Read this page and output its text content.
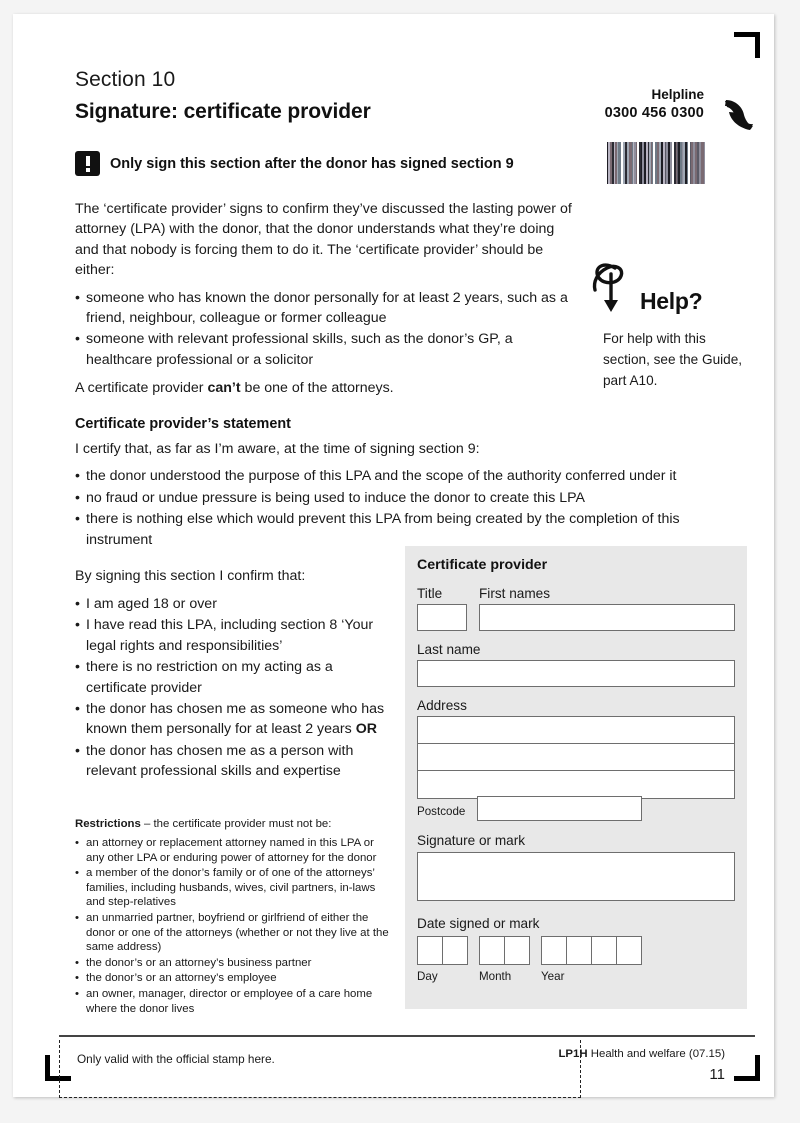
Section 10
Signature: certificate provider
Helpline
0300 456 0300
Only sign this section after the donor has signed section 9

The ‘certificate provider’ signs to confirm they’ve discussed the lasting power of attorney (LPA) with the donor, that the donor understands what they’re doing and that nobody is forcing them to do it. The ‘certificate provider’ should be either:

• someone who has known the donor personally for at least 2 years, such as a friend, neighbour, colleague or former colleague
• someone with relevant professional skills, such as the donor’s GP, a healthcare professional or a solicitor

A certificate provider can’t be one of the attorneys.

Help?
For help with this section, see the Guide, part A10.
Certificate provider’s statement
I certify that, as far as I’m aware, at the time of signing section 9:
• the donor understood the purpose of this LPA and the scope of the authority conferred under it
• no fraud or undue pressure is being used to induce the donor to create this LPA
• there is nothing else which would prevent this LPA from being created by the completion of this instrument
By signing this section I confirm that:
• I am aged 18 or over
• I have read this LPA, including section 8 ‘Your legal rights and responsibilities’
• there is no restriction on my acting as a certificate provider
• the donor has chosen me as someone who has known them personally for at least 2 years OR
• the donor has chosen me as a person with relevant professional skills and expertise
Restrictions – the certificate provider must not be:
• an attorney or replacement attorney named in this LPA or any other LPA or enduring power of attorney for the donor
• a member of the donor’s family or of one of the attorneys’ families, including husbands, wives, civil partners, in-laws and step-relatives
• an unmarried partner, boyfriend or girlfriend of either the donor or one of the attorneys (whether or not they live at the same address)
• the donor’s or an attorney’s business partner
• the donor’s or an attorney’s employee
• an owner, manager, director or employee of a care home where the donor lives
Certificate provider
Title	First names
Last name
Address
Postcode
Signature or mark
Date signed or mark
Day	Month	Year
Only valid with the official stamp here.	LP1H Health and welfare (07.15)
11
